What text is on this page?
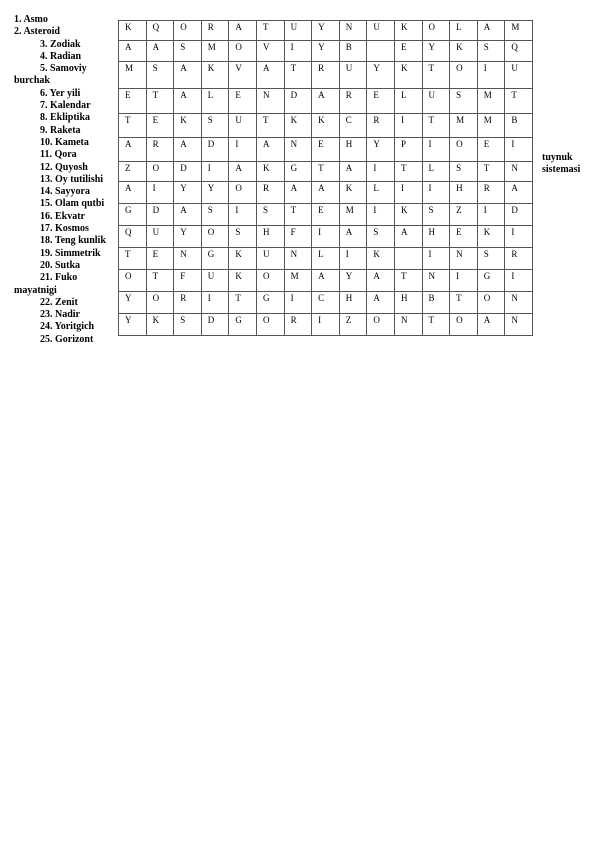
1. Asmo
2. Asteroid
3. Zodiak
4. Radian
5. Samoviy burchak
6. Yer yili
7. Kalendar
8. Ekliptika
9. Raketa
10. Kameta
11. Qora
12. Quyosh
13. Oy tutilishi
14. Sayyora
15. Olam qutbi
16. Ekvatr
17. Kosmos
18. Teng kunlik
19. Simmetrik
20. Sutka
21. Fuko mayatnigi
22. Zenit
23. Nadir
24. Yoritgich
25. Gorizont
K	Q	O	R	A	T	U	Y	N	U	K	O	L	A	M
A	A	S	M	O	V	I	Y	B		E	Y	K	S	Q
M	S	A	K	V	A	T	R	U	Y	K	T	O	I	U
E	T	A	L	E	N	D	A	R	E	L	U	S	M	T
T	E	K	S	U	T	K	K	C	R	I	T	M	M	B
A	R	A	D	I	A	N	E	H	Y	P	I	O	E	I
Z	O	D	I	A	K	G	T	A	I	T	L	S	T	N
A	I	Y	Y	O	R	A	A	K	L	I	I	H	R	A
G	D	A	S	I	S	T	E	M	I	K	S	Z	I	D
Q	U	Y	O	S	H	F	I	A	S	A	H	E	K	I
T	E	N	G	K	U	N	L	I	K		I	N	S	R
O	T	F	U	K	O	M	A	Y	A	T	N	I	G	I
Y	O	R	I	T	G	I	C	H	A	H	B	T	O	N
Y	K	S	D	G	O	R	I	Z	O	N	T	O	A	N
tuynuk
sistemasi
